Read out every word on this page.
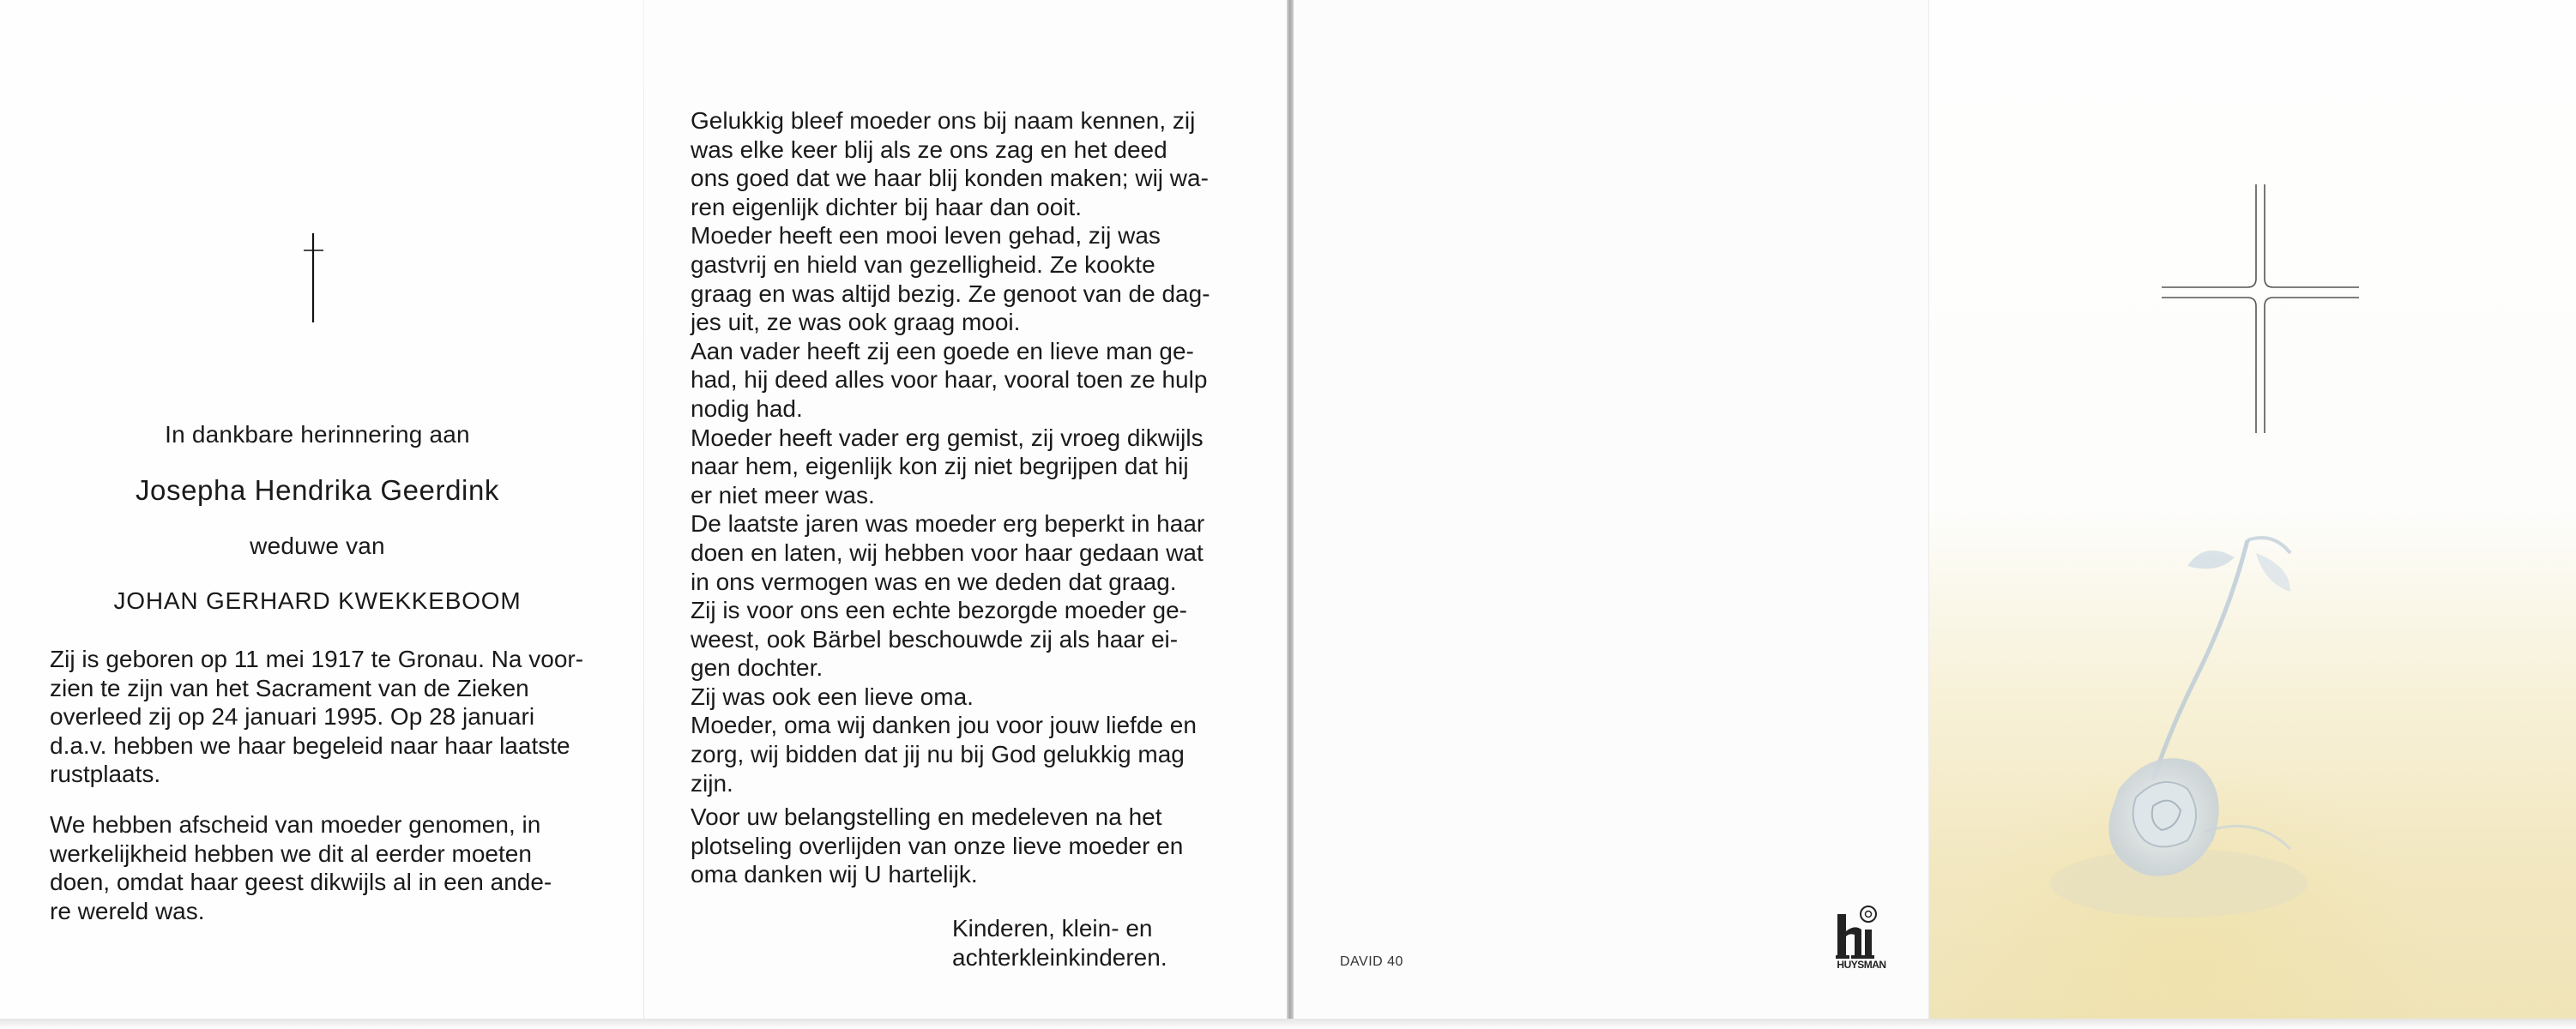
In dankbare herinnering aan
Josepha Hendrika Geerdink
weduwe van
JOHAN GERHARD KWEKKEBOOM
Zij is geboren op 11 mei 1917 te Gronau. Na voor-
zien te zijn van het Sacrament van de Zieken
overleed zij op 24 januari 1995. Op 28 januari
d.a.v. hebben we haar begeleid naar haar laatste
rustplaats.
We hebben afscheid van moeder genomen, in
werkelijkheid hebben we dit al eerder moeten
doen, omdat haar geest dikwijls al in een ande-
re wereld was.
Gelukkig bleef moeder ons bij naam kennen, zij
was elke keer blij als ze ons zag en het deed
ons goed dat we haar blij konden maken; wij wa-
ren eigenlijk dichter bij haar dan ooit.
Moeder heeft een mooi leven gehad, zij was
gastvrij en hield van gezelligheid. Ze kookte
graag en was altijd bezig. Ze genoot van de dag-
jes uit, ze was ook graag mooi.
Aan vader heeft zij een goede en lieve man ge-
had, hij deed alles voor haar, vooral toen ze hulp
nodig had.
Moeder heeft vader erg gemist, zij vroeg dikwijls
naar hem, eigenlijk kon zij niet begrijpen dat hij
er niet meer was.
De laatste jaren was moeder erg beperkt in haar
doen en laten, wij hebben voor haar gedaan wat
in ons vermogen was en we deden dat graag.
Zij is voor ons een echte bezorgde moeder ge-
weest, ook Bärbel beschouwde zij als haar ei-
gen dochter.
Zij was ook een lieve oma.
Moeder, oma wij danken jou voor jouw liefde en
zorg, wij bidden dat jij nu bij God gelukkig mag
zijn.
Voor uw belangstelling en medeleven na het
plotseling overlijden van onze lieve moeder en
oma danken wij U hartelijk.
Kinderen, klein- en
achterkleinkinderen.	DAVID 40	HUYSMAN
